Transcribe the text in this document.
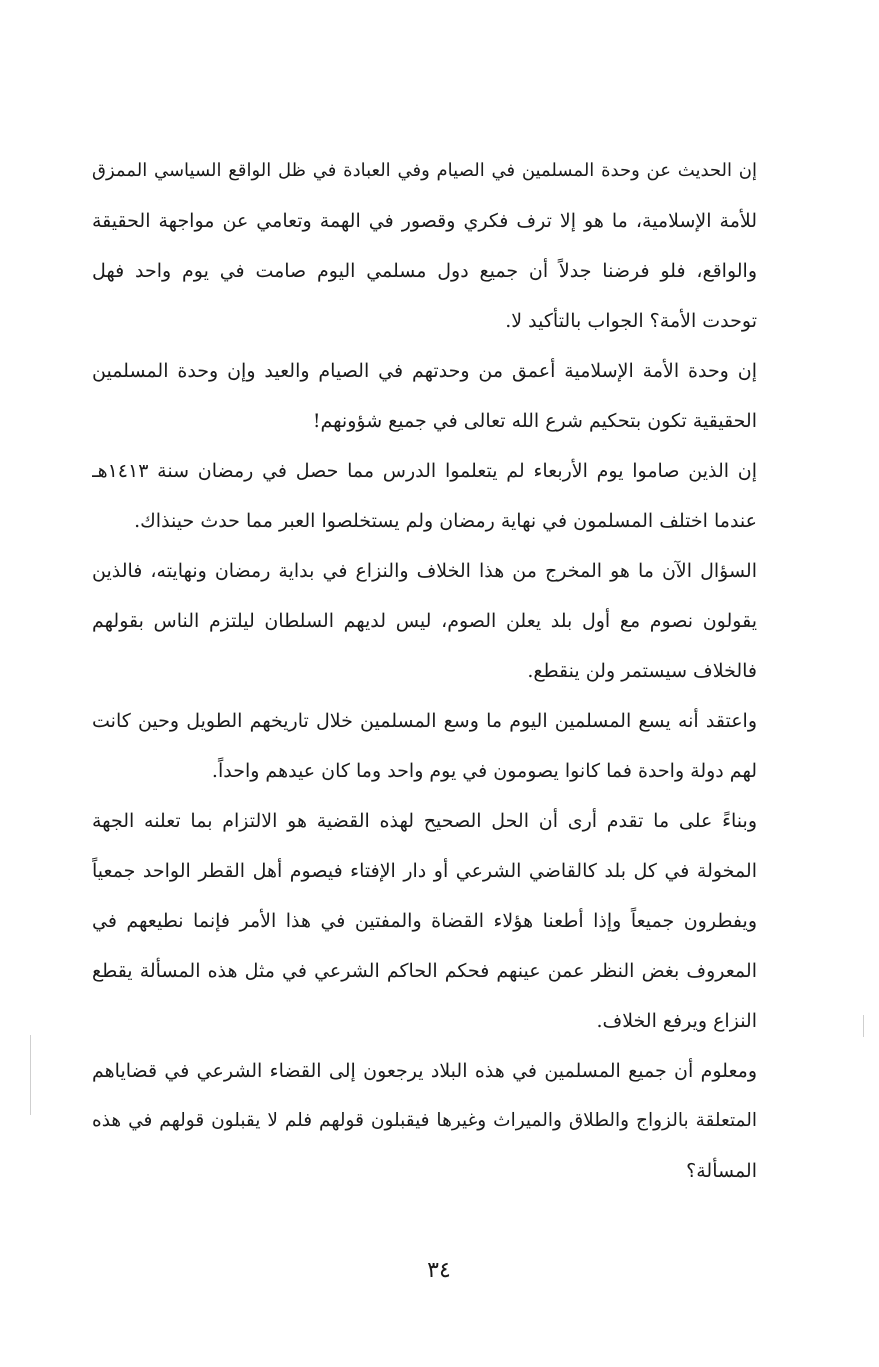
إن الحديث عن وحدة المسلمين في الصيام وفي العبادة في ظل الواقع السياسي الممزق
للأمة الإسلامية، ما هو إلا ترف فكري وقصور في الهمة وتعامي عن مواجهة الحقيقة
والواقع، فلو فرضنا جدلاً أن جميع دول مسلمي اليوم صامت في يوم واحد فهل
توحدت الأمة؟ الجواب بالتأكيد لا.
إن وحدة الأمة الإسلامية أعمق من وحدتهم في الصيام والعيد وإن وحدة المسلمين
الحقيقية تكون بتحكيم شرع الله تعالى في جميع شؤونهم!
إن الذين صاموا يوم الأربعاء لم يتعلموا الدرس مما حصل في رمضان سنة ١٤١٣هـ
عندما اختلف المسلمون في نهاية رمضان ولم يستخلصوا العبر مما حدث حينذاك.
السؤال الآن ما هو المخرج من هذا الخلاف والنزاع في بداية رمضان ونهايته، فالذين
يقولون نصوم مع أول بلد يعلن الصوم، ليس لديهم السلطان ليلتزم الناس بقولهم
فالخلاف سيستمر ولن ينقطع.
واعتقد أنه يسع المسلمين اليوم ما وسع المسلمين خلال تاريخهم الطويل وحين كانت
لهم دولة واحدة فما كانوا يصومون في يوم واحد وما كان عيدهم واحداً.
وبناءً على ما تقدم أرى أن الحل الصحيح لهذه القضية هو الالتزام بما تعلنه الجهة
المخولة في كل بلد كالقاضي الشرعي أو دار الإفتاء فيصوم أهل القطر الواحد جمعياً
ويفطرون جميعاً وإذا أطعنا هؤلاء القضاة والمفتين في هذا الأمر فإنما نطيعهم في
المعروف بغض النظر عمن عينهم فحكم الحاكم الشرعي في مثل هذه المسألة يقطع
النزاع ويرفع الخلاف.
ومعلوم أن جميع المسلمين في هذه البلاد يرجعون إلى القضاء الشرعي في قضاياهم
المتعلقة بالزواج والطلاق والميراث وغيرها فيقبلون قولهم فلم لا يقبلون قولهم في هذه
المسألة؟
٣٤
